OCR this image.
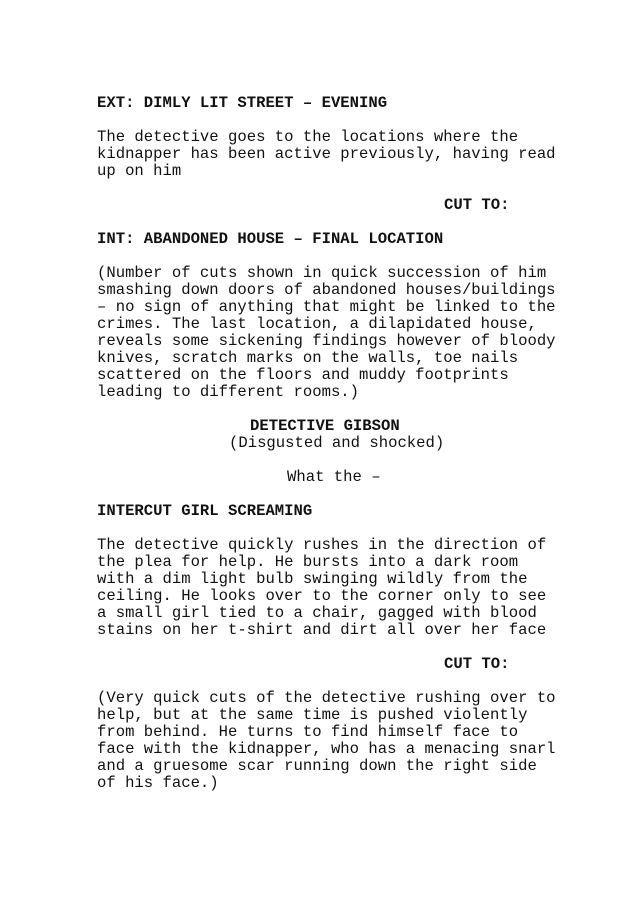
EXT: DIMLY LIT STREET – EVENING
The detective goes to the locations where the
kidnapper has been active previously, having read
up on him
CUT TO:
INT: ABANDONED HOUSE – FINAL LOCATION
(Number of cuts shown in quick succession of him
smashing down doors of abandoned houses/buildings
– no sign of anything that might be linked to the
crimes. The last location, a dilapidated house,
reveals some sickening findings however of bloody
knives, scratch marks on the walls, toe nails
scattered on the floors and muddy footprints
leading to different rooms.)
DETECTIVE GIBSON
(Disgusted and shocked)
What the –
INTERCUT GIRL SCREAMING
The detective quickly rushes in the direction of
the plea for help. He bursts into a dark room
with a dim light bulb swinging wildly from the
ceiling. He looks over to the corner only to see
a small girl tied to a chair, gagged with blood
stains on her t-shirt and dirt all over her face
CUT TO:
(Very quick cuts of the detective rushing over to
help, but at the same time is pushed violently
from behind. He turns to find himself face to
face with the kidnapper, who has a menacing snarl
and a gruesome scar running down the right side
of his face.)
